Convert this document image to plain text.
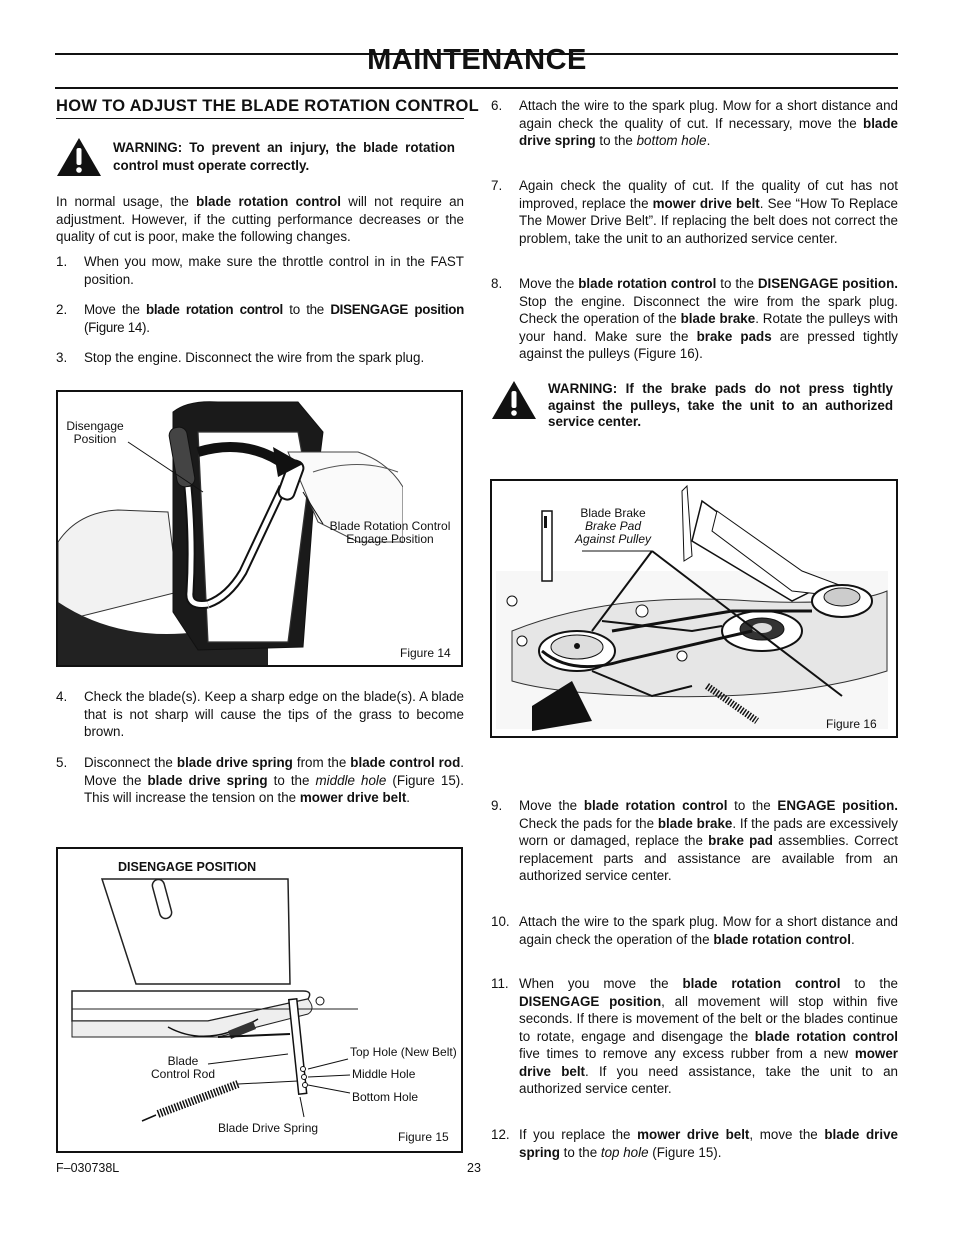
MAINTENANCE
HOW TO ADJUST THE BLADE ROTATION CONTROL
WARNING: To prevent an injury, the blade rotation control must operate correctly.
In normal usage, the blade rotation control will not require an adjustment. However, if the cutting performance decreases or the quality of cut is poor, make the following changes.
1. When you mow, make sure the throttle control in in the FAST position.
2. Move the blade rotation control to the DISENGAGE position (Figure 14).
3. Stop the engine. Disconnect the wire from the spark plug.
Disengage
Position
Blade Rotation Control
Engage Position
Figure 14
4. Check the blade(s). Keep a sharp edge on the blade(s). A blade that is not sharp will cause the tips of the grass to become brown.
5. Disconnect the blade drive spring from the blade control rod. Move the blade drive spring to the middle hole (Figure 15). This will increase the tension on the mower drive belt.
DISENGAGE POSITION
Blade
Control Rod
Top Hole (New Belt)
Middle Hole
Bottom Hole
Blade Drive Spring
Figure 15
6. Attach the wire to the spark plug. Mow for a short distance and again check the quality of cut. If necessary, move the blade drive spring to the bottom hole.
7. Again check the quality of cut. If the quality of cut has not improved, replace the mower drive belt. See “How To Replace The Mower Drive Belt”. If replacing the belt does not correct the problem, take the unit to an authorized service center.
8. Move the blade rotation control to the DISENGAGE position. Stop the engine. Disconnect the wire from the spark plug. Check the operation of the blade brake. Rotate the pulleys with your hand. Make sure the brake pads are pressed tightly against the pulleys (Figure 16).
WARNING: If the brake pads do not press tightly against the pulleys, take the unit to an authorized service center.
Blade Brake
Brake Pad
Against Pulley
Figure 16
9. Move the blade rotation control to the ENGAGE position. Check the pads for the blade brake. If the pads are excessively worn or damaged, replace the brake pad assemblies. Correct replacement parts and assistance are available from an authorized service center.
10. Attach the wire to the spark plug. Mow for a short distance and again check the operation of the blade rotation control.
11. When you move the blade rotation control to the DISENGAGE position, all movement will stop within five seconds. If there is movement of the belt or the blades continue to rotate, engage and disengage the blade rotation control five times to remove any excess rubber from a new mower drive belt. If you need assistance, take the unit to an authorized service center.
12. If you replace the mower drive belt, move the blade drive spring to the top hole (Figure 15).
F–030738L	23
